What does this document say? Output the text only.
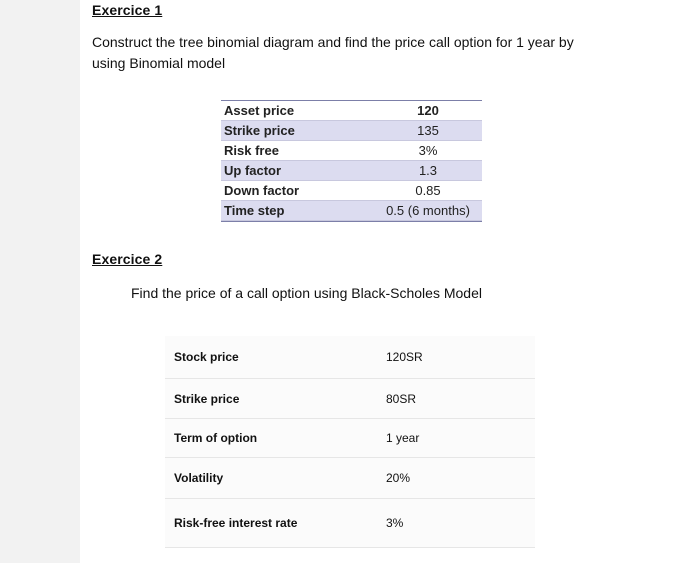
Exercice 1
Construct the tree binomial diagram and find the price call option for 1 year by
using Binomial model
Asset price	120
Strike price	135
Risk free	3%
Up factor	1.3
Down factor	0.85
Time step	0.5 (6 months)
Exercice 2
Find the price of a call option using Black-Scholes Model
Stock price	120SR
Strike price	80SR
Term of option	1 year
Volatility	20%
Risk-free interest rate	3%
